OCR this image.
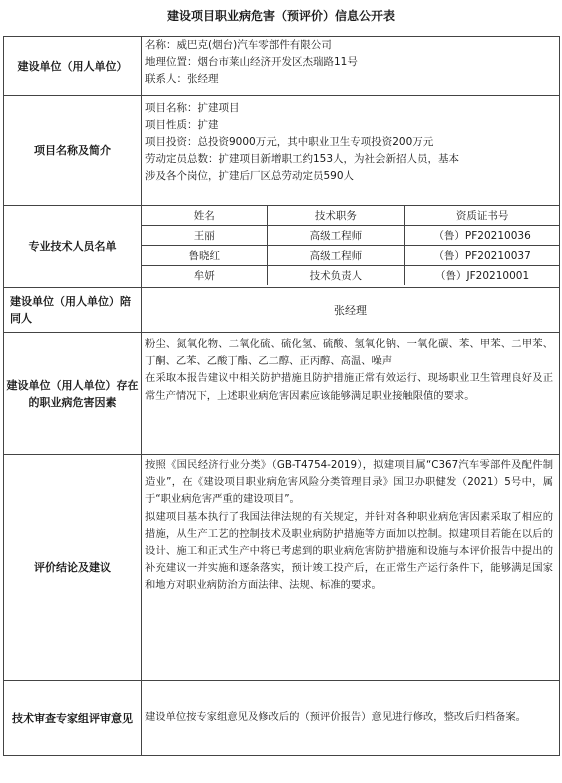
建设项目职业病危害（预评价）信息公开表
建设单位（用人单位）	
名称：威巴克(烟台)汽车零部件有限公司
地理位置：烟台市莱山经济开发区杰瑞路11号
联系人：张经理

项目名称及简介	
项目名称：扩建项目
项目性质：扩建
项目投资：总投资9000万元，其中职业卫生专项投资200万元
劳动定员总数：扩建项目新增职工约153人，为社会新招人员，基本
涉及各个岗位，扩建后厂区总劳动定员590人

专业技术人员名单	
姓名	技术职务	资质证书号
王丽	高级工程师	（鲁）PF20210036
鲁晓红	高级工程师	（鲁）PF20210037
牟妍	技术负责人	（鲁）JF20210001

建设单位（用人单位）陪同人	张经理
建设单位（用人单位）存在的职业病危害因素	
粉尘、氮氧化物、二氧化硫、硫化氢、硫酸、氢氧化钠、一氧化碳、苯、甲苯、二甲苯、丁酮、乙苯、乙酸丁酯、乙二醇、正丙醇、高温、噪声
在采取本报告建议中相关防护措施且防护措施正常有效运行、现场职业卫生管理良好及正常生产情况下，上述职业病危害因素应该能够满足职业接触限值的要求。

评价结论及建议	
按照《国民经济行业分类》（GB-T4754-2019），拟建项目属“C367汽车零部件及配件制造业”，在《建设项目职业病危害风险分类管理目录》国卫办职健发（2021）5号中，属于“职业病危害严重的建设项目”。
拟建项目基本执行了我国法律法规的有关规定，并针对各种职业病危害因素采取了相应的措施，从生产工艺的控制技术及职业病防护措施等方面加以控制。拟建项目若能在以后的设计、施工和正式生产中将已考虑到的职业病危害防护措施和设施与本评价报告中提出的补充建议一并实施和逐条落实，预计竣工投产后，在正常生产运行条件下，能够满足国家和地方对职业病防治方面法律、法规、标准的要求。

技术审查专家组评审意见	建设单位按专家组意见及修改后的（预评价报告）意见进行修改，整改后归档备案。
